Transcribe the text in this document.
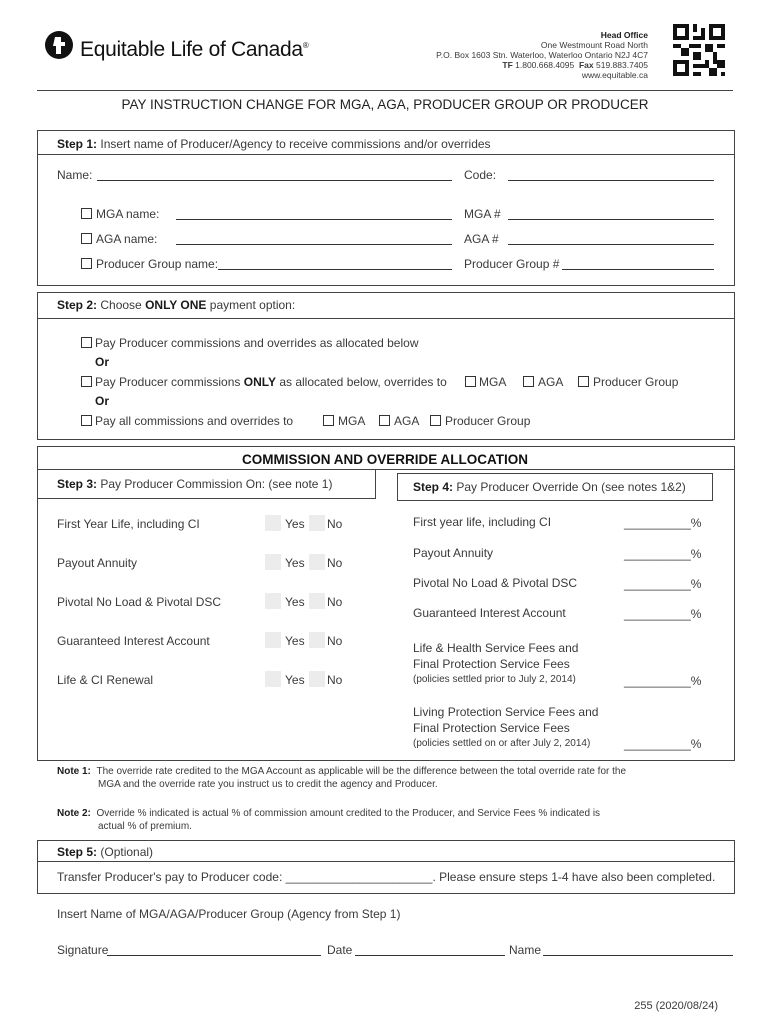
Equitable Life of Canada®
Head Office
One Westmount Road North
P.O. Box 1603 Stn. Waterloo, Waterloo Ontario N2J 4C7
TF 1.800.668.4095 Fax 519.883.7405
www.equitable.ca
PAY INSTRUCTION CHANGE FOR MGA, AGA, PRODUCER GROUP OR PRODUCER
Step 1: Insert name of Producer/Agency to receive commissions and/or overrides
Name:	Code:
MGA name:	MGA #
AGA name:	AGA #
Producer Group name:	Producer Group #
Step 2: Choose ONLY ONE payment option:
Pay Producer commissions and overrides as allocated below
Or
Pay Producer commissions ONLY as allocated below, overrides to	MGA	AGA Producer Group
Or
Pay all commissions and overrides to	MGA AGA Producer Group
COMMISSION AND OVERRIDE ALLOCATION
Step 3: Pay Producer Commission On: (see note 1)
First Year Life, including CI	Yes No
Payout Annuity	Yes No
Pivotal No Load & Pivotal DSC	Yes No
Guaranteed Interest Account	Yes No
Life & CI Renewal	Yes No
Step 4: Pay Producer Override On (see notes 1&2)
First year life, including CI	__________%
Payout Annuity	__________%
Pivotal No Load & Pivotal DSC	__________%
Guaranteed Interest Account	__________%
Life & Health Service Fees and
Final Protection Service Fees
(policies settled prior to July 2, 2014)	__________%
Living Protection Service Fees and
Final Protection Service Fees
(policies settled on or after July 2, 2014)	__________%
Note 1: The override rate credited to the MGA Account as applicable will be the difference between the total override rate for the
MGA and the override rate you instruct us to credit the agency and Producer.
Note 2: Override % indicated is actual % of commission amount credited to the Producer, and Service Fees % indicated is
actual % of premium.
Step 5: (Optional)
Transfer Producer's pay to Producer code: ______________________. Please ensure steps 1-4 have also been completed.
Insert Name of MGA/AGA/Producer Group (Agency from Step 1)
Signature	Date	Name
255 (2020/08/24)
